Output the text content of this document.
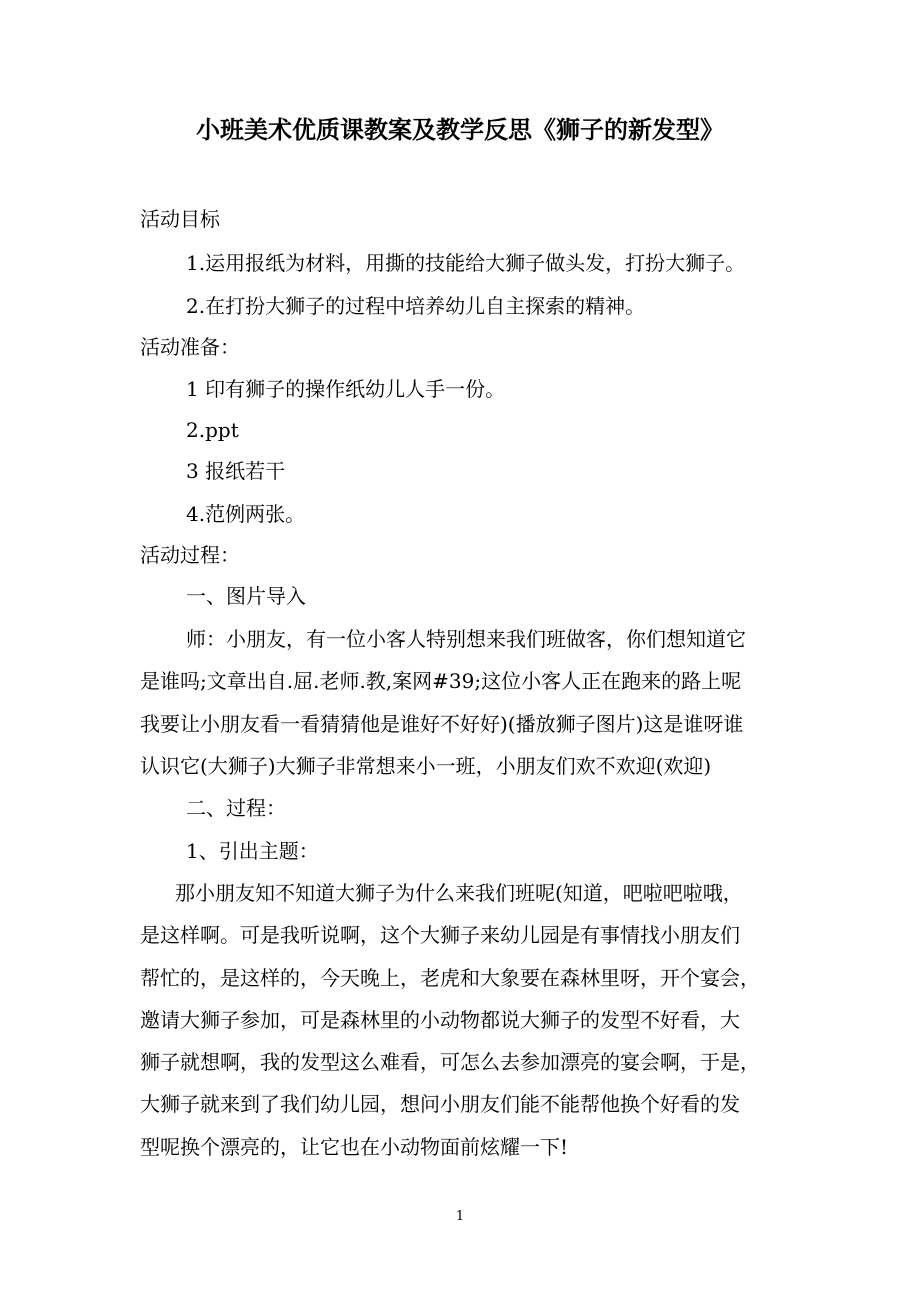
小班美术优质课教案及教学反思《狮子的新发型》
活动目标
1.运用报纸为材料，用撕的技能给大狮子做头发，打扮大狮子。
2.在打扮大狮子的过程中培养幼儿自主探索的精神。
活动准备：
1 印有狮子的操作纸幼儿人手一份。
2.ppt
3 报纸若干
4.范例两张。
活动过程：
一、图片导入
师：小朋友，有一位小客人特别想来我们班做客，你们想知道它
是谁吗;文章出自.屈.老师.教,案网#39;这位小客人正在跑来的路上呢
我要让小朋友看一看猜猜他是谁好不好好)(播放狮子图片)这是谁呀谁
认识它(大狮子)大狮子非常想来小一班，小朋友们欢不欢迎(欢迎)
二、过程：
1、引出主题：
那小朋友知不知道大狮子为什么来我们班呢(知道，吧啦吧啦哦，
是这样啊。可是我听说啊，这个大狮子来幼儿园是有事情找小朋友们
帮忙的，是这样的，今天晚上，老虎和大象要在森林里呀，开个宴会，
邀请大狮子参加，可是森林里的小动物都说大狮子的发型不好看，大
狮子就想啊，我的发型这么难看，可怎么去参加漂亮的宴会啊，于是，
大狮子就来到了我们幼儿园，想问小朋友们能不能帮他换个好看的发
型呢换个漂亮的，让它也在小动物面前炫耀一下!
1
